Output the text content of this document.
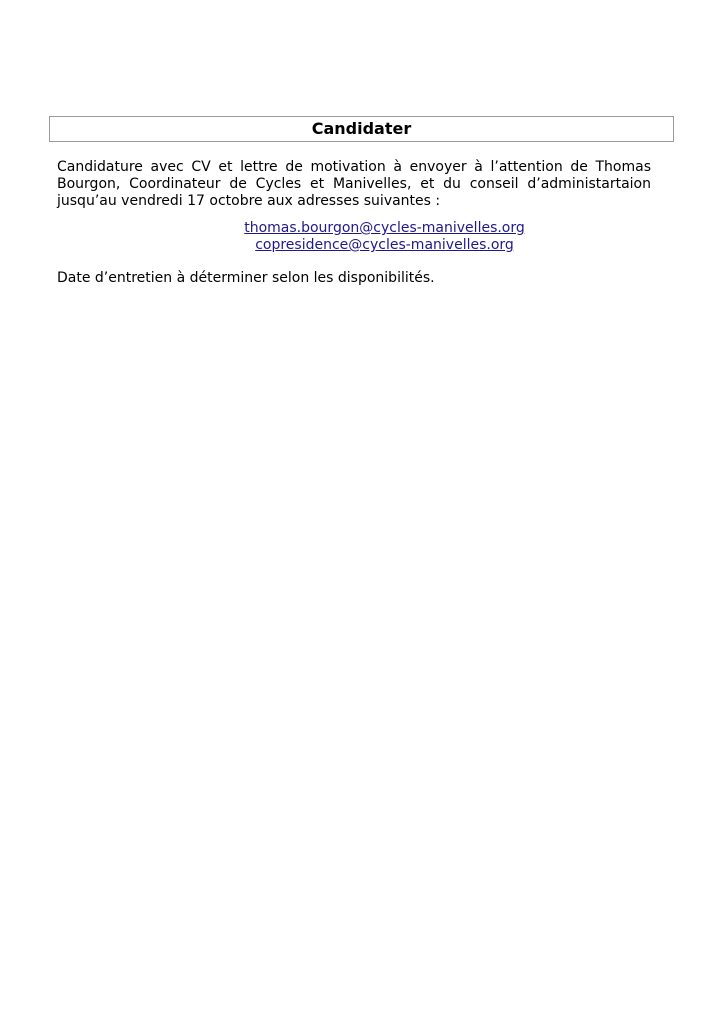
Candidater

Candidature avec CV et lettre de motivation à envoyer à l’attention de Thomas Bourgon, Coordinateur de Cycles et Manivelles, et du conseil d’administartaion jusqu’au vendredi 17 octobre aux adresses suivantes :

thomas.bourgon@cycles-manivelles.org
copresidence@cycles-manivelles.org

Date d’entretien à déterminer selon les disponibilités.
